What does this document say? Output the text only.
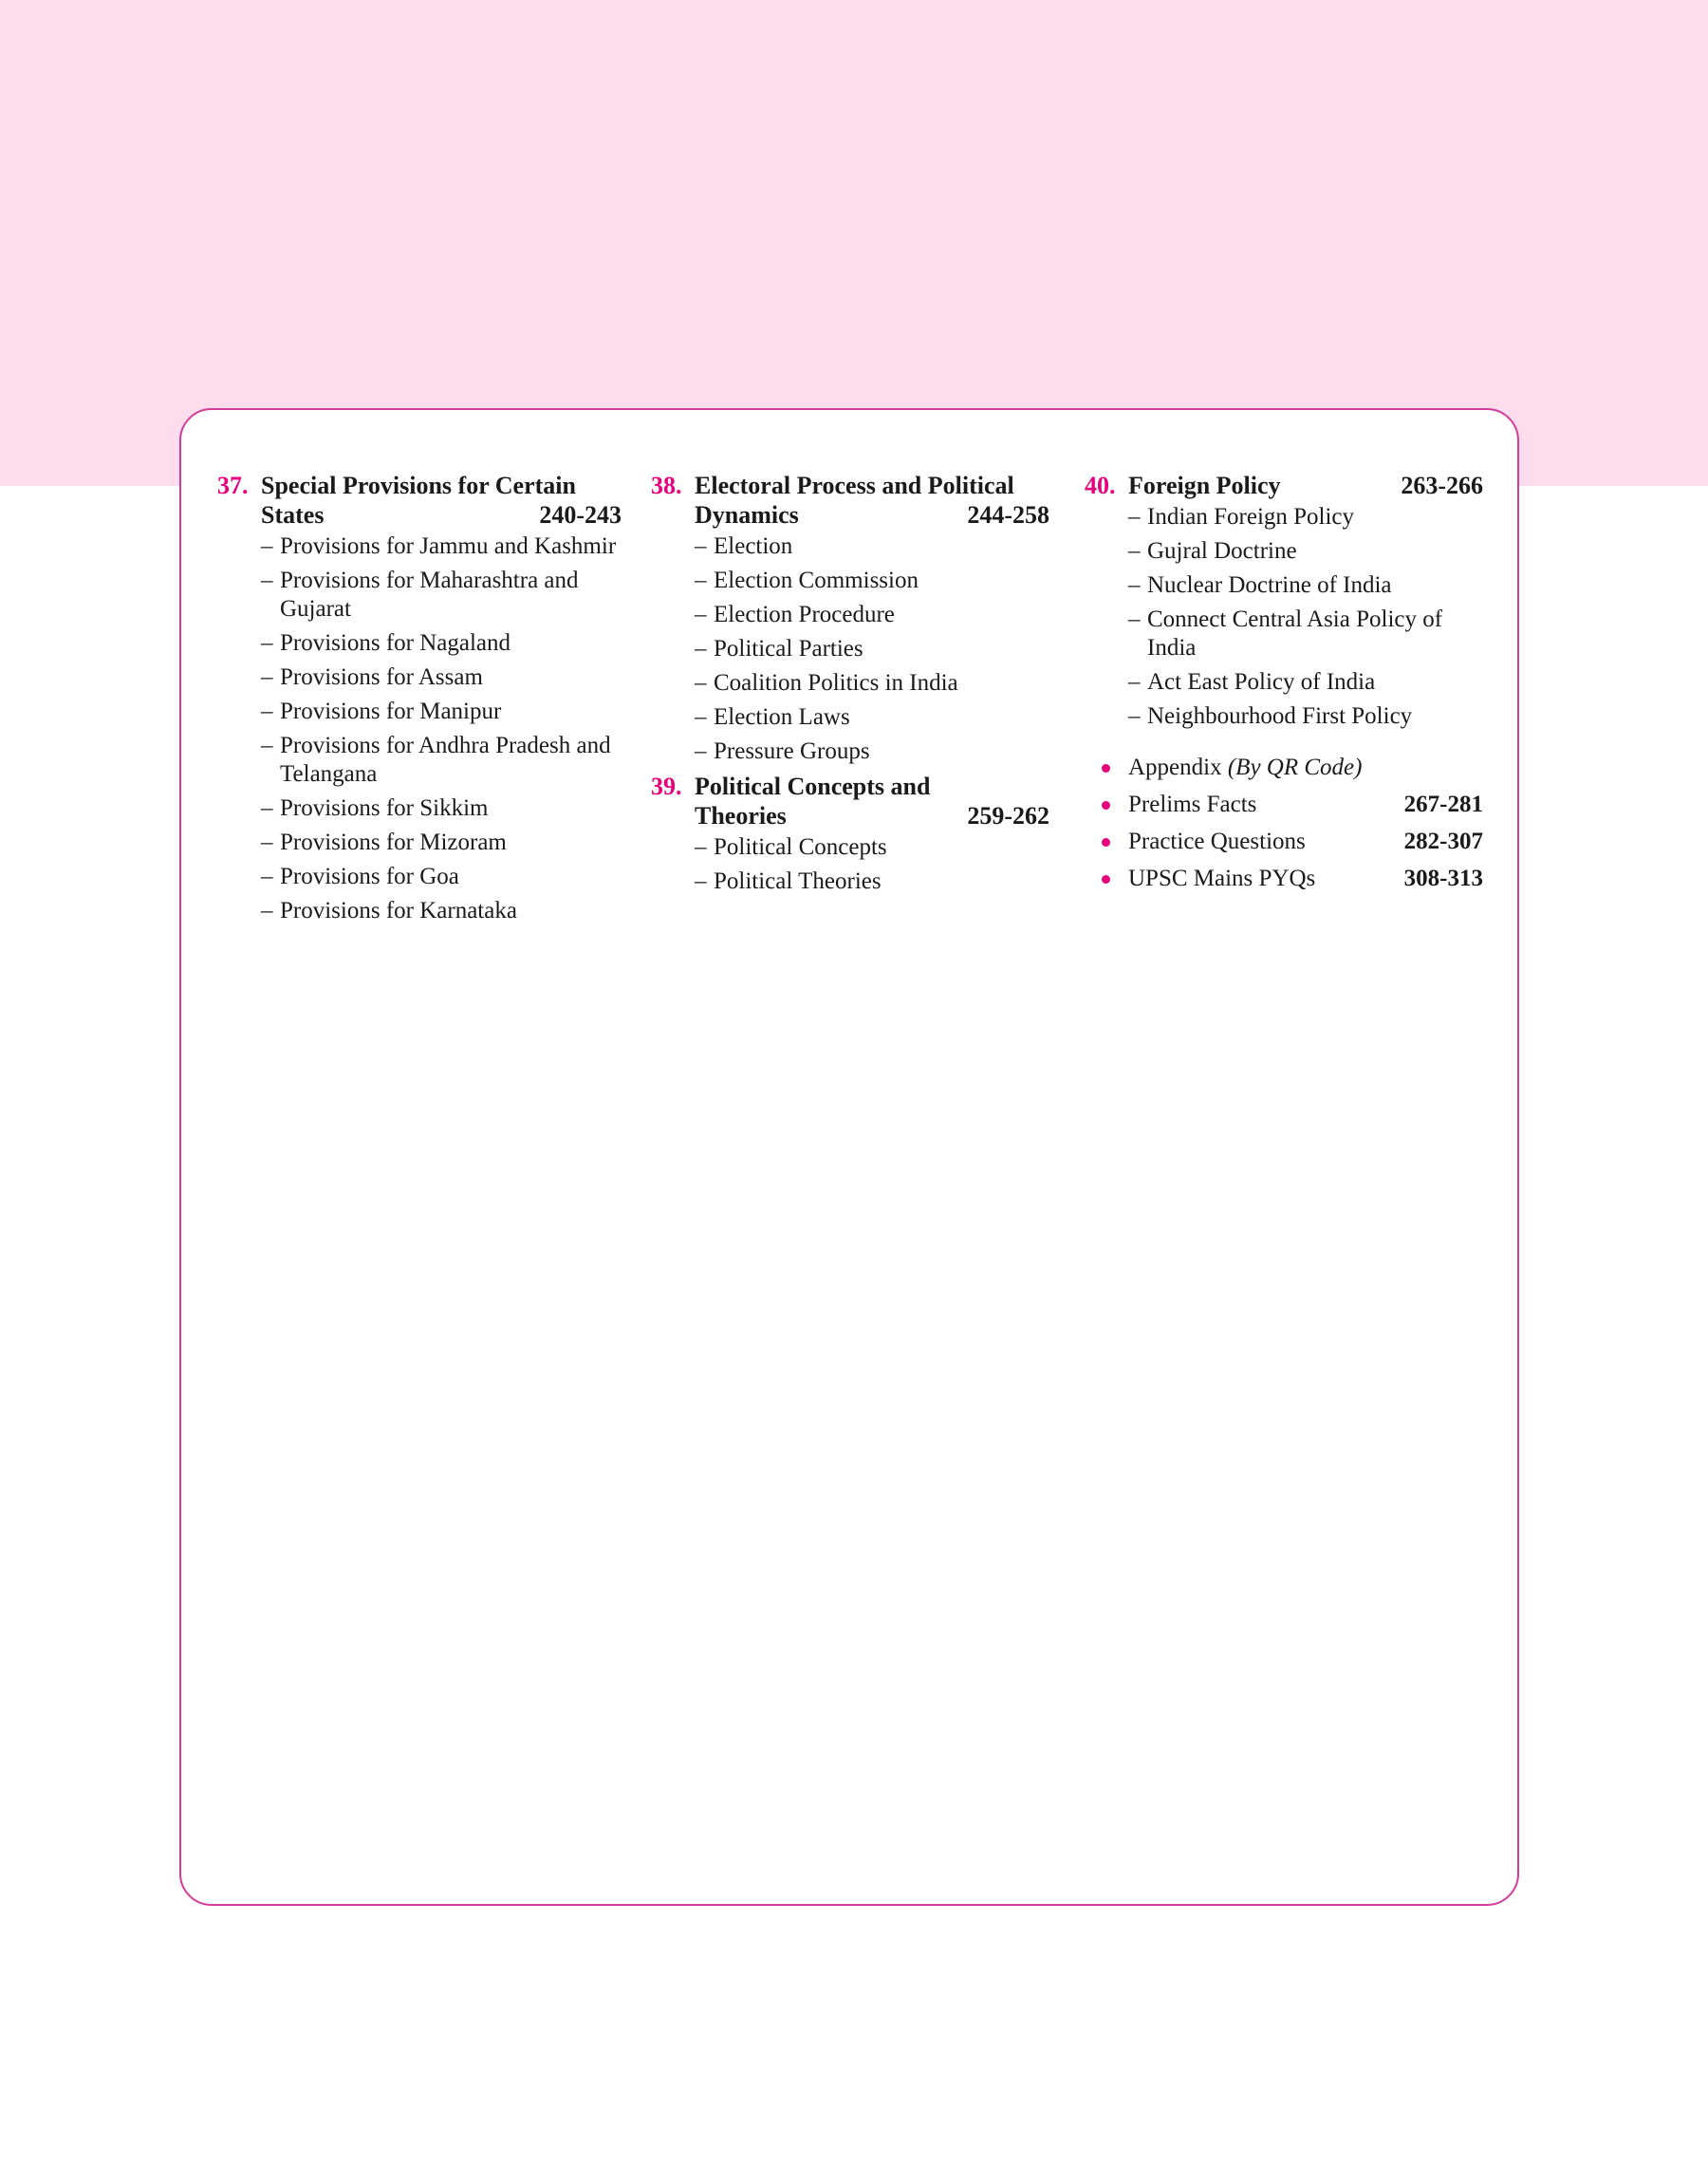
37. Special Provisions for Certain
States	240-243
– Provisions for Jammu and Kashmir
– Provisions for Maharashtra and Gujarat
– Provisions for Nagaland
– Provisions for Assam
– Provisions for Manipur
– Provisions for Andhra Pradesh and Telangana
– Provisions for Sikkim
– Provisions for Mizoram
– Provisions for Goa
– Provisions for Karnataka
38. Electoral Process and Political
Dynamics	244-258
– Election
– Election Commission
– Election Procedure
– Political Parties
– Coalition Politics in India
– Election Laws
– Pressure Groups
39. Political Concepts and
Theories	259-262
– Political Concepts
– Political Theories
40. Foreign Policy	263-266
– Indian Foreign Policy
– Gujral Doctrine
– Nuclear Doctrine of India
– Connect Central Asia Policy of India
– Act East Policy of India
– Neighbourhood First Policy
Appendix (By QR Code)
Prelims Facts	267-281
Practice Questions	282-307
UPSC Mains PYQs	308-313
